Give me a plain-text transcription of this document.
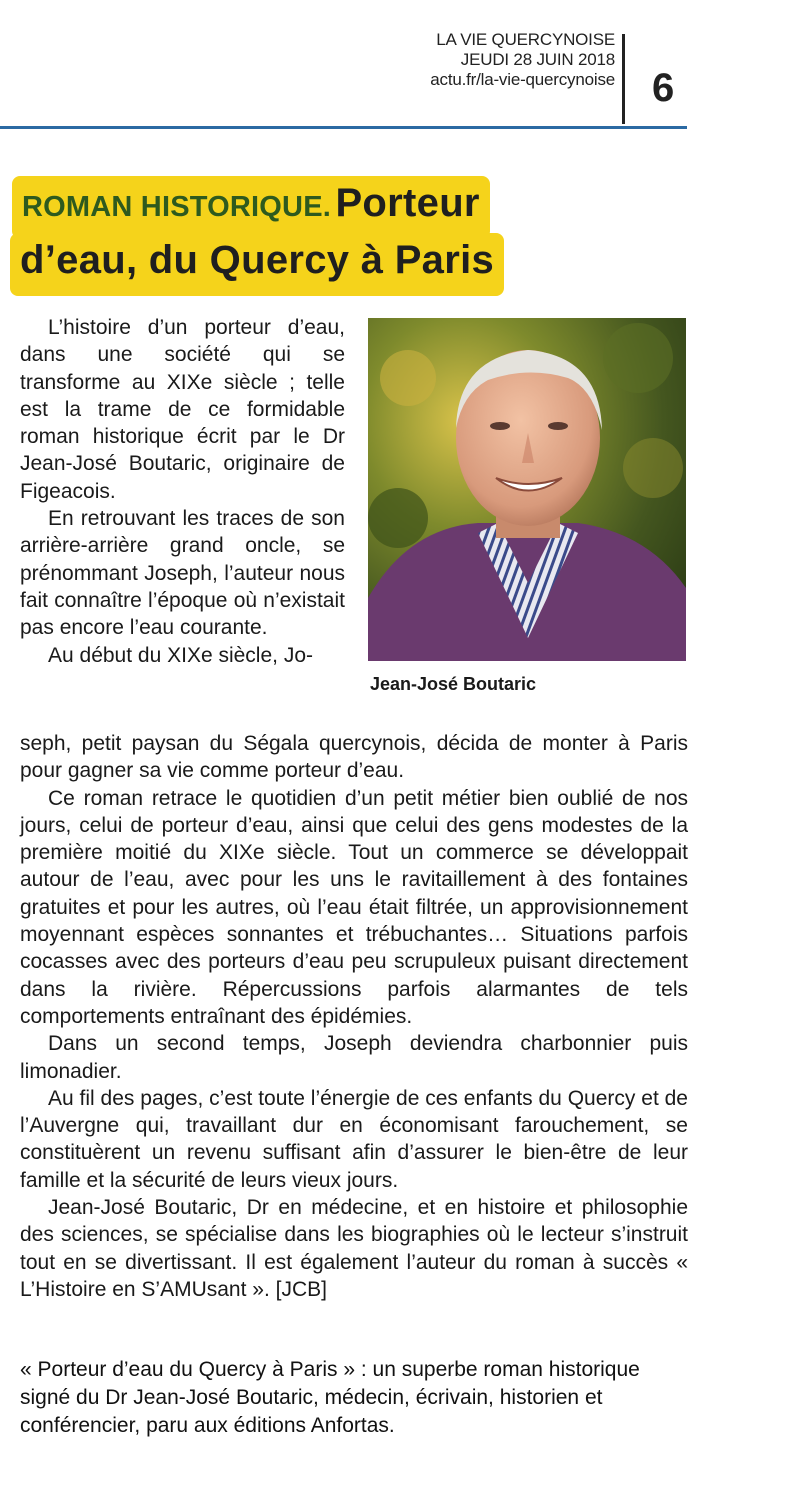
LA VIE QUERCYNOISE
JEUDI 28 JUIN 2018
actu.fr/la-vie-quercynoise 6
ROMAN HISTORIQUE. Porteur
d’eau, du Quercy à Paris
Jean-José Boutaric

L’histoire d’un porteur d’eau, dans une société qui se transforme au XIXe siècle ; telle est la trame de ce formidable roman historique écrit par le Dr Jean-José Boutaric, originaire de Figeacois.

En retrouvant les traces de son arrière-arrière grand oncle, se prénommant Joseph, l’auteur nous fait connaître l’époque où n’existait pas encore l’eau courante.

Au début du XIXe siècle, Jo-

seph, petit paysan du Ségala quercynois, décida de monter à Paris pour gagner sa vie comme porteur d’eau.

Ce roman retrace le quotidien d’un petit métier bien oublié de nos jours, celui de porteur d’eau, ainsi que celui des gens modestes de la première moitié du XIXe siècle. Tout un commerce se développait autour de l’eau, avec pour les uns le ravitaillement à des fontaines gratuites et pour les autres, où l’eau était filtrée, un approvisionnement moyennant espèces sonnantes et trébuchantes… Situations parfois cocasses avec des porteurs d’eau peu scrupuleux puisant directement dans la rivière. Répercussions parfois alarmantes de tels comportements entraînant des épidémies.

Dans un second temps, Joseph deviendra charbonnier puis limonadier.

Au fil des pages, c’est toute l’énergie de ces enfants du Quercy et de l’Auvergne qui, travaillant dur en économisant farouchement, se constituèrent un revenu suffisant afin d’assurer le bien-être de leur famille et la sécurité de leurs vieux jours.

Jean-José Boutaric, Dr en médecine, et en histoire et philosophie des sciences, se spécialise dans les biographies où le lecteur s’instruit tout en se divertissant. Il est également l’auteur du roman à succès « L’Histoire en S’AMUsant ». [JCB]

« Porteur d’eau du Quercy à Paris » : un superbe roman historique signé du Dr Jean-José Boutaric, médecin, écrivain, historien et conférencier, paru aux éditions Anfortas.
